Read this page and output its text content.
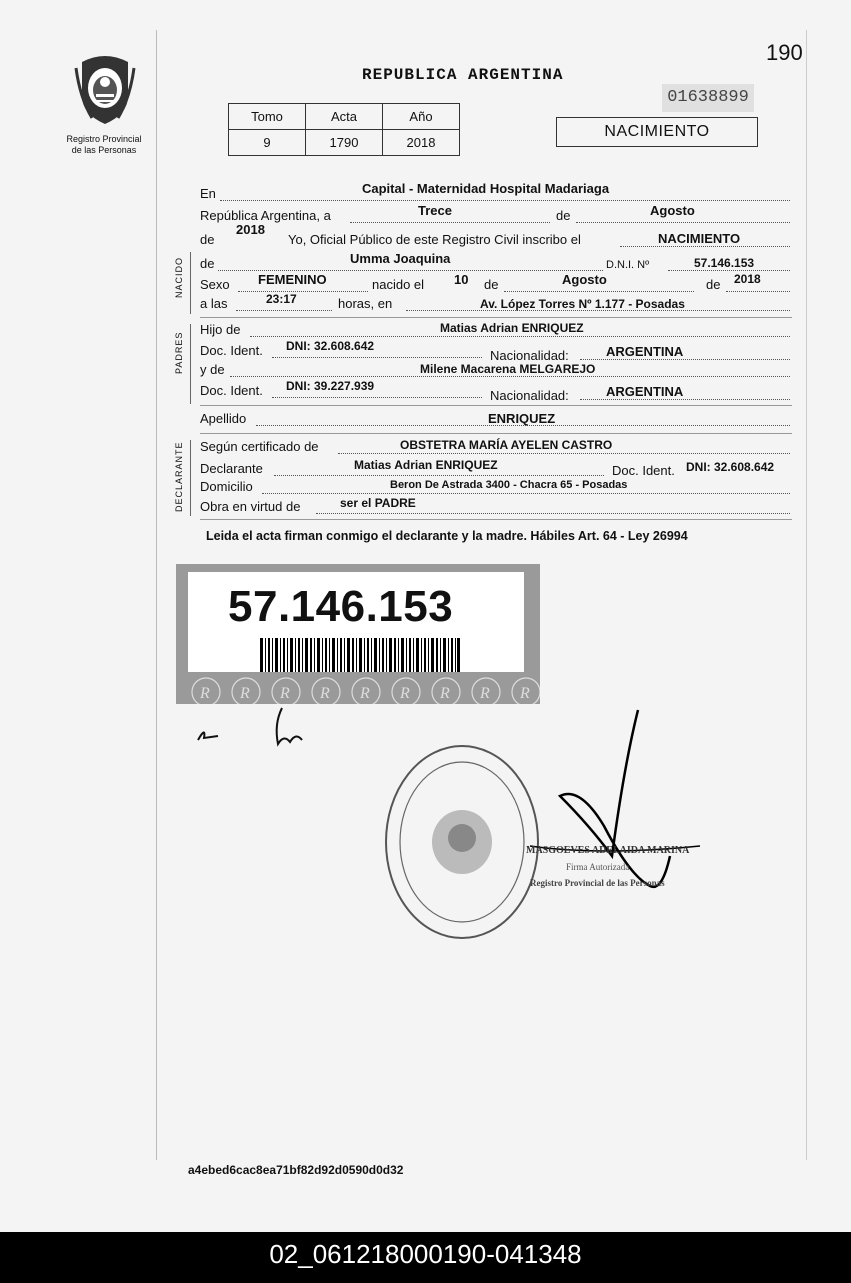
Registro Provincial
de las Personas
190
REPUBLICA ARGENTINA
01638899
NACIMIENTO
Tomo	Acta	Año
9	1790	2018
En	Capital - Maternidad Hospital Madariaga
República Argentina, a	Trece	de	Agosto
de
2018
Yo, Oficial Público de este Registro Civil inscribo el	NACIMIENTO
NACIDO de	Umma Joaquina	D.N.I. Nº	57.146.153
Sexo FEMENINO	nacido el 10 de	Agosto	de 2018
a las	23:17	horas, en	Av. López Torres Nº 1.177 - Posadas
PADRES
Hijo de	Matias Adrian ENRIQUEZ
Doc. Ident. DNI: 32.608.642
Nacionalidad:	ARGENTINA
y de	Milene Macarena MELGAREJO
Doc. Ident. DNI: 39.227.939
Nacionalidad:	ARGENTINA
Apellido	ENRIQUEZ
DECLARANTE Según certificado de	OBSTETRA MARÍA AYELEN CASTRO
Declarante	Matias Adrian ENRIQUEZ	Doc. Ident. DNI: 32.608.642
Domicilio	Beron De Astrada 3400 - Chacra 65 - Posadas
Obra en virtud de	ser el PADRE
Leida el acta firman conmigo el declarante y la madre. Hábiles Art. 64 - Ley 26994
R R R R R R R R R
57.146.153
MASGOEVES ADELAIDA MARINA
Firma Autorizada
Registro Provincial de las Personas
a4ebed6cac8ea71bf82d92d0590d0d32
02_061218000190-041348
